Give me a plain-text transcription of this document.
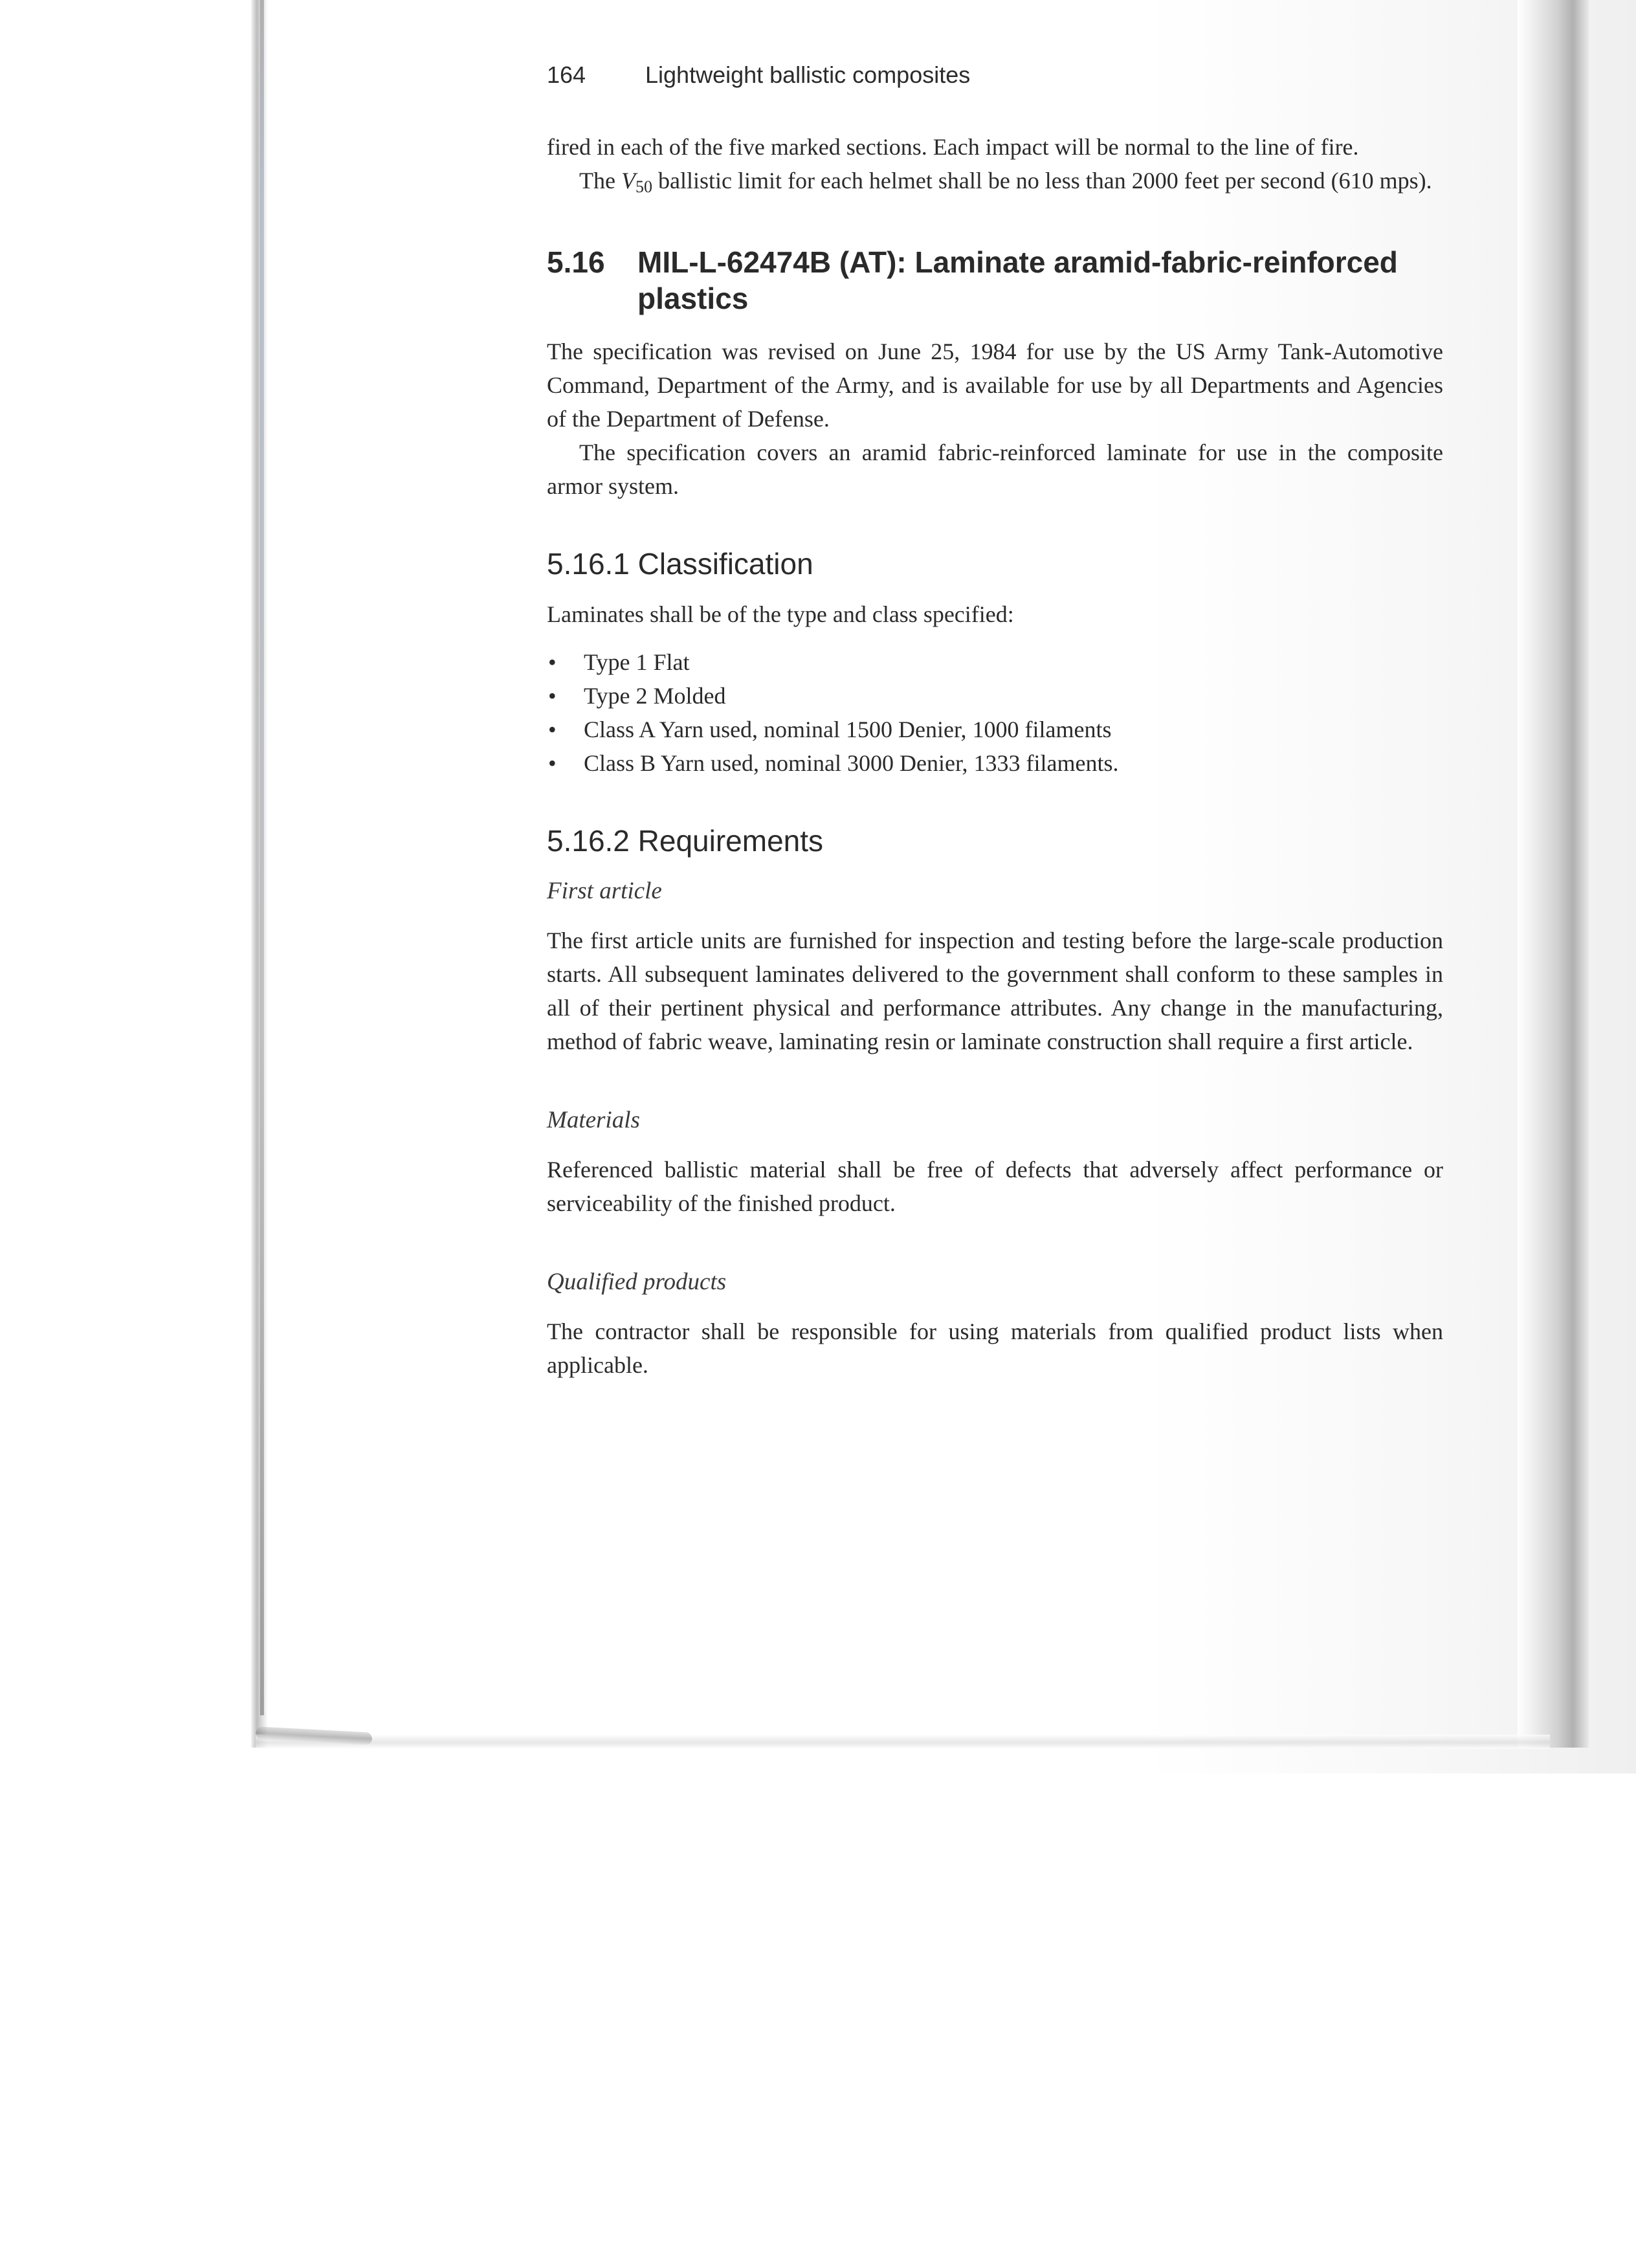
164	Lightweight ballistic composites

fired in each of the five marked sections. Each impact will be normal to the line of fire.

The V50 ballistic limit for each helmet shall be no less than 2000 feet per second (610 mps).

5.16	MIL-L-62474B (AT): Laminate aramid-fabric-reinforced plastics

The specification was revised on June 25, 1984 for use by the US Army Tank-Automotive Command, Department of the Army, and is available for use by all Departments and Agencies of the Department of Defense.

The specification covers an aramid fabric-reinforced laminate for use in the composite armor system.

5.16.1 Classification

Laminates shall be of the type and class specified:

•	Type 1 Flat
•	Type 2 Molded
•	Class A Yarn used, nominal 1500 Denier, 1000 filaments
•	Class B Yarn used, nominal 3000 Denier, 1333 filaments.
5.16.2 Requirements
First article

The first article units are furnished for inspection and testing before the large-scale production starts. All subsequent laminates delivered to the government shall conform to these samples in all of their pertinent physical and performance attributes. Any change in the manufacturing, method of fabric weave, laminating resin or laminate construction shall require a first article.

Materials

Referenced ballistic material shall be free of defects that adversely affect performance or serviceability of the finished product.

Qualified products

The contractor shall be responsible for using materials from qualified product lists when applicable.
